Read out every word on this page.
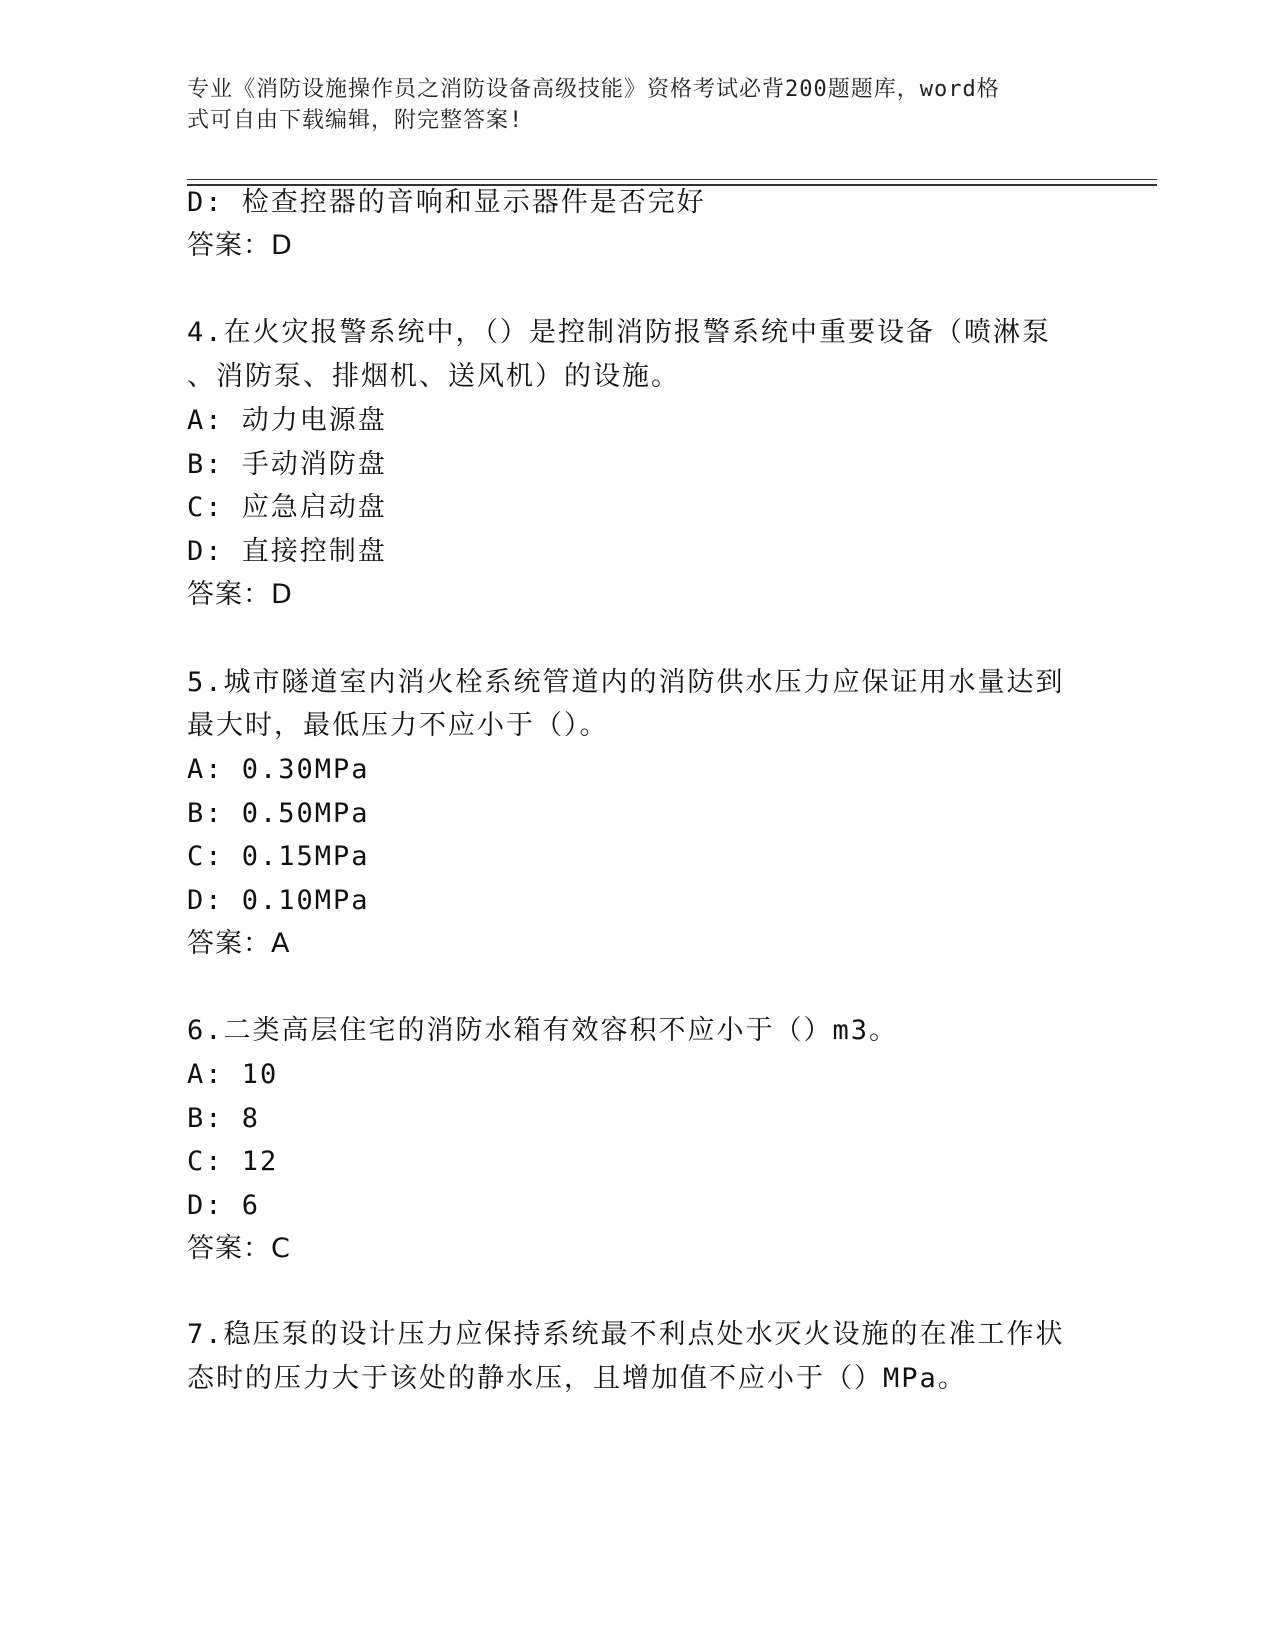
专业《消防设施操作员之消防设备高级技能》资格考试必背200题题库，word格
式可自由下载编辑，附完整答案!
D: 检查控器的音响和显示器件是否完好
答案：D
4.在火灾报警系统中，（）是控制消防报警系统中重要设备（喷淋泵
、消防泵、排烟机、送风机）的设施。
A: 动力电源盘
B: 手动消防盘
C: 应急启动盘
D: 直接控制盘
答案：D
5.城市隧道室内消火栓系统管道内的消防供水压力应保证用水量达到
最大时，最低压力不应小于（）。
A: 0.30MPa
B: 0.50MPa
C: 0.15MPa
D: 0.10MPa
答案：A
6.二类高层住宅的消防水箱有效容积不应小于（）m3。
A: 10
B: 8
C: 12
D: 6
答案：C
7.稳压泵的设计压力应保持系统最不利点处水灭火设施的在准工作状
态时的压力大于该处的静水压，且增加值不应小于（）MPa。
